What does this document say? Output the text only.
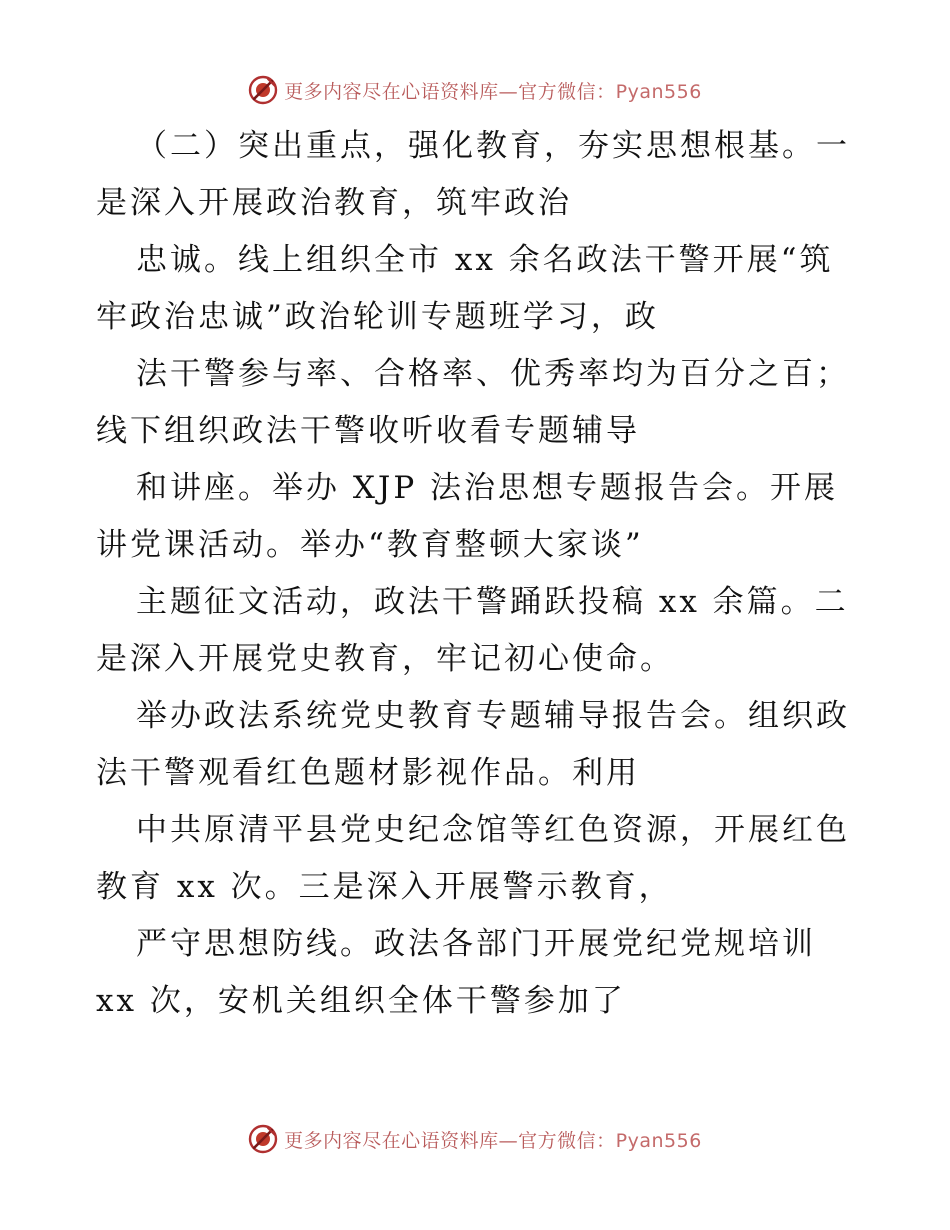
更多内容尽在心语资料库—官方微信：Pyan556
（二）突出重点，强化教育，夯实思想根基。一
是深入开展政治教育，筑牢政治
忠诚。线上组织全市 xx 余名政法干警开展“筑
牢政治忠诚”政治轮训专题班学习，政
法干警参与率、合格率、优秀率均为百分之百；
线下组织政法干警收听收看专题辅导
和讲座。举办 XJP 法治思想专题报告会。开展
讲党课活动。举办“教育整顿大家谈”
主题征文活动，政法干警踊跃投稿 xx 余篇。二
是深入开展党史教育，牢记初心使命。
举办政法系统党史教育专题辅导报告会。组织政
法干警观看红色题材影视作品。利用
中共原清平县党史纪念馆等红色资源，开展红色
教育 xx 次。三是深入开展警示教育，
严守思想防线。政法各部门开展党纪党规培训
xx 次，安机关组织全体干警参加了
更多内容尽在心语资料库—官方微信：Pyan556
